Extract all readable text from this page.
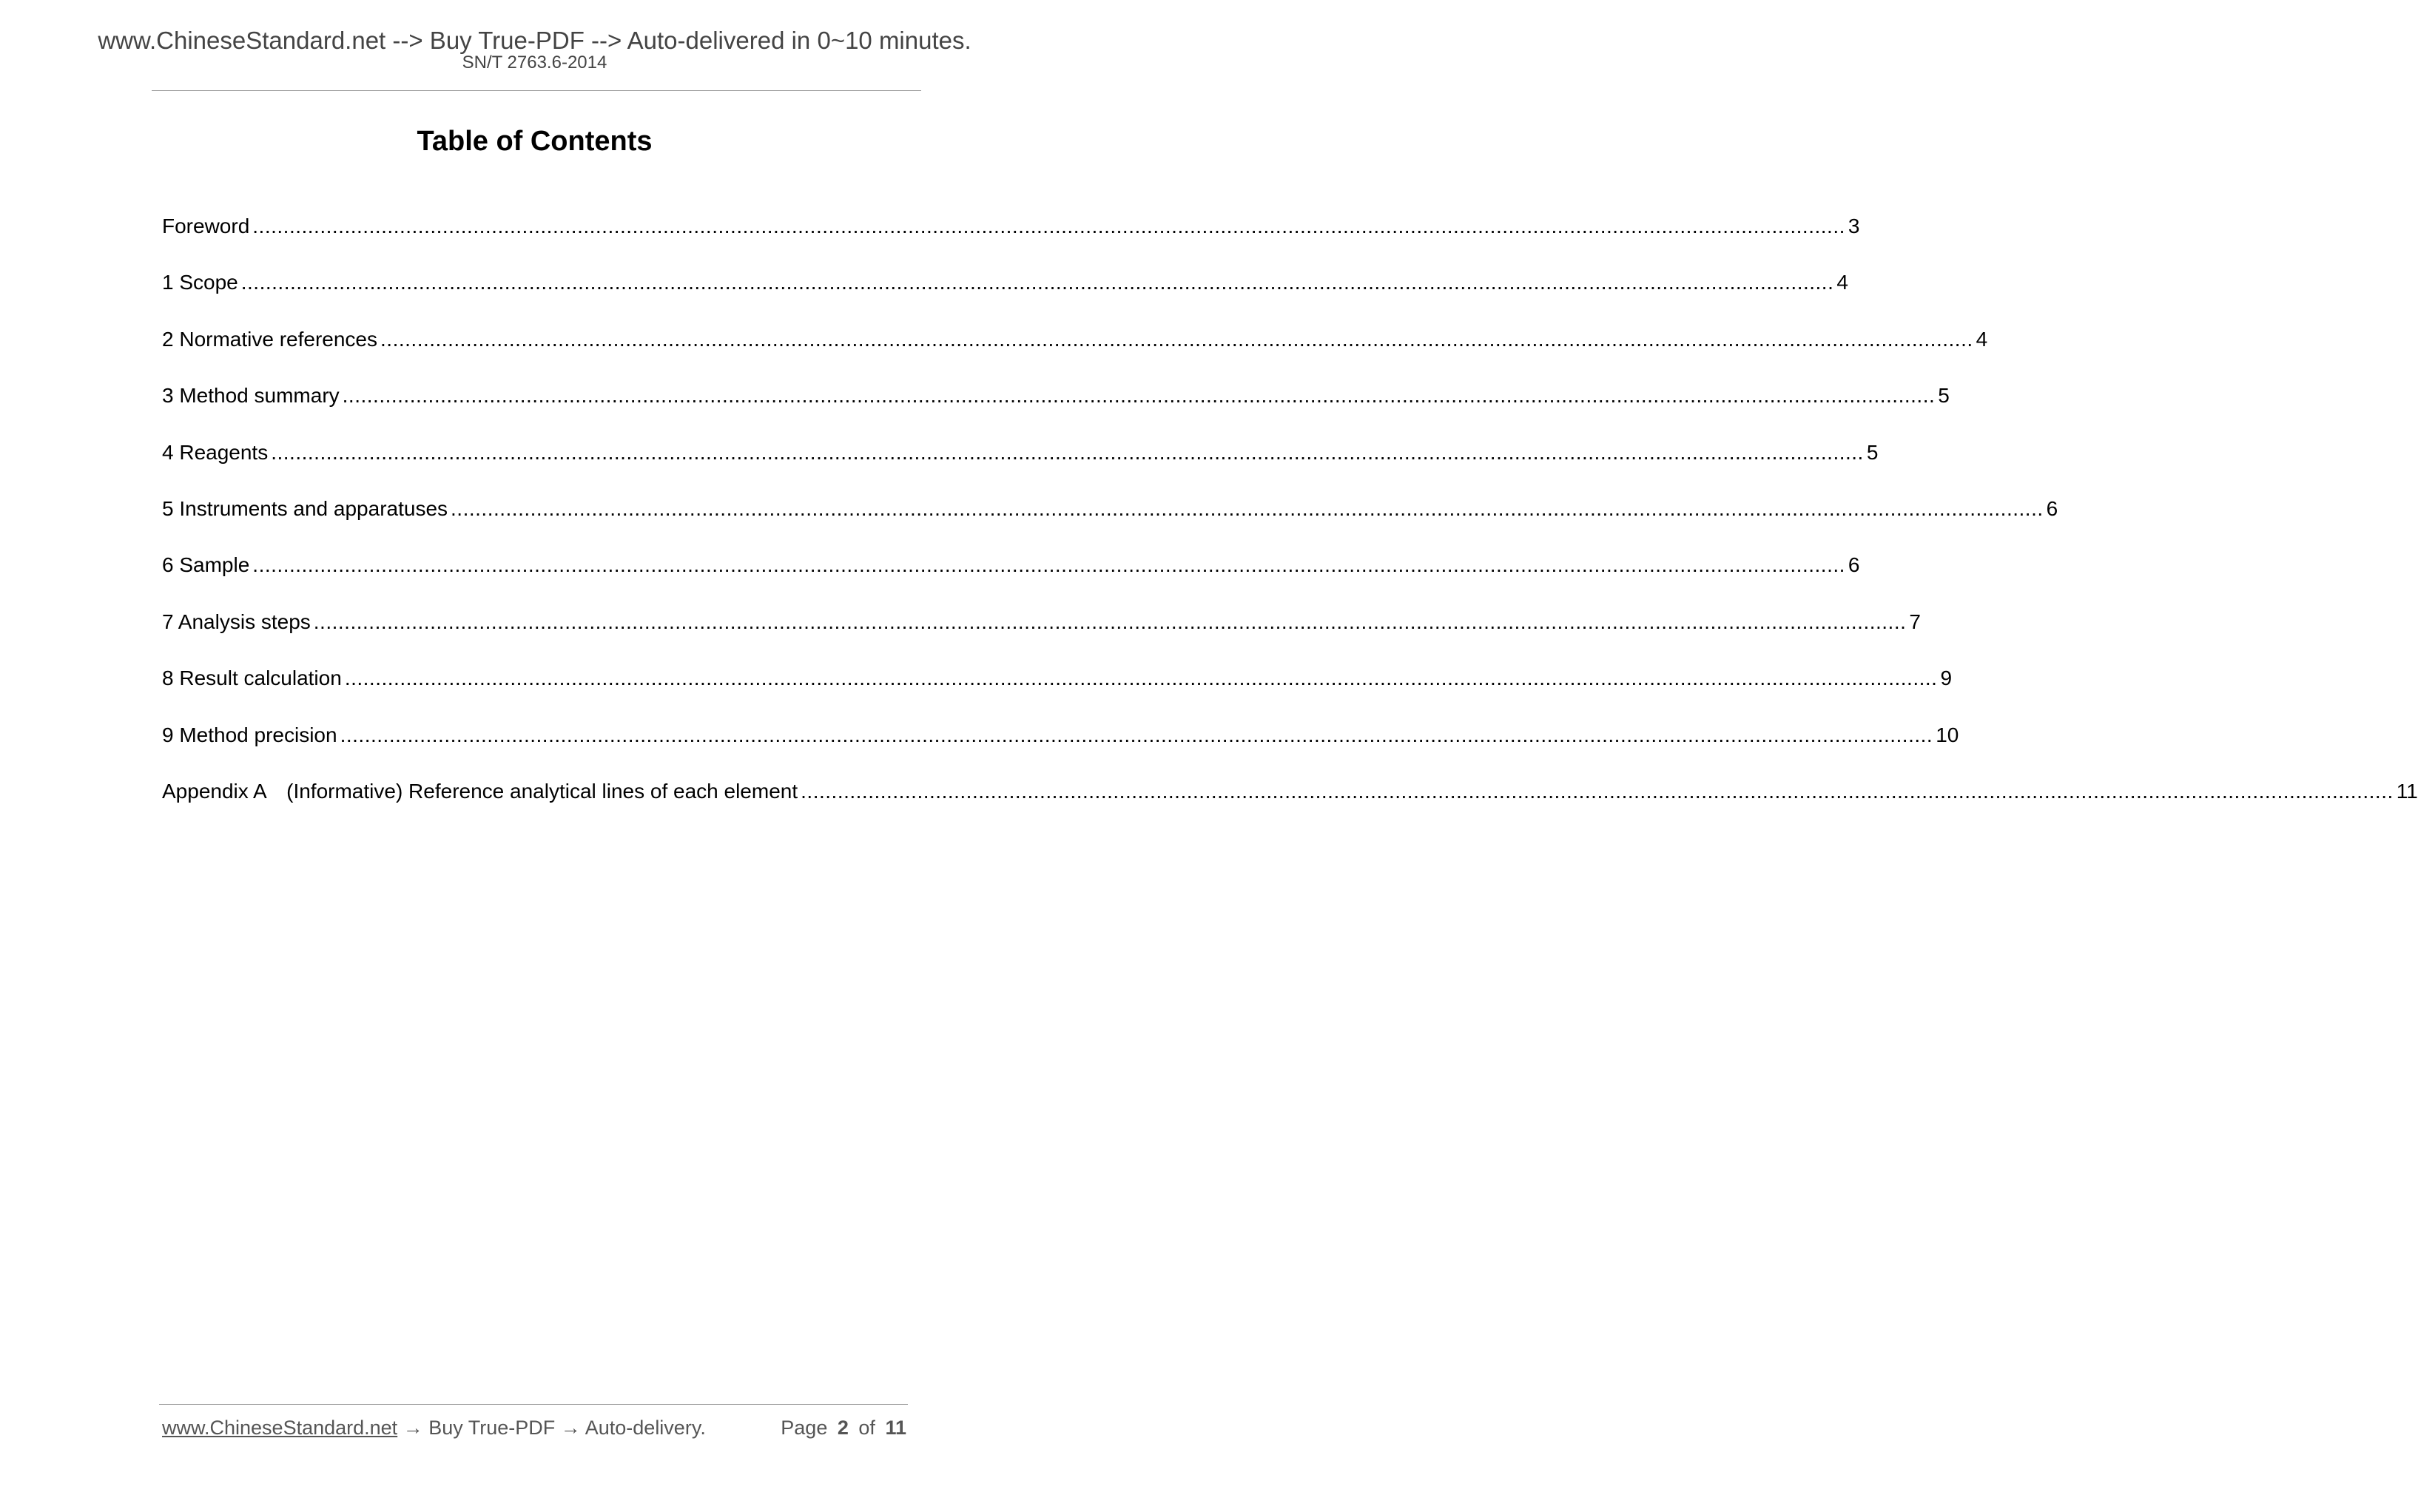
www.ChineseStandard.net --> Buy True-PDF --> Auto-delivered in 0~10 minutes.
SN/T 2763.6-2014
Table of Contents
Foreword .................................................................................................................................................................................................................................................................... 3
1 Scope .................................................................................................................................................................................................................................................................... 4
2 Normative references .................................................................................................................................................................................................................................................................... 4
3 Method summary .................................................................................................................................................................................................................................................................... 5
4 Reagents .................................................................................................................................................................................................................................................................... 5
5 Instruments and apparatuses .................................................................................................................................................................................................................................................................... 6
6 Sample .................................................................................................................................................................................................................................................................... 6
7 Analysis steps .................................................................................................................................................................................................................................................................... 7
8 Result calculation .................................................................................................................................................................................................................................................................... 9
9 Method precision .................................................................................................................................................................................................................................................................... 10
Appendix A　(Informative) Reference analytical lines of each element .................................................................................................................................................................................................................................................................... 11
www.ChineseStandard.net → Buy True-PDF → Auto-delivery.	Page 2 of 11
